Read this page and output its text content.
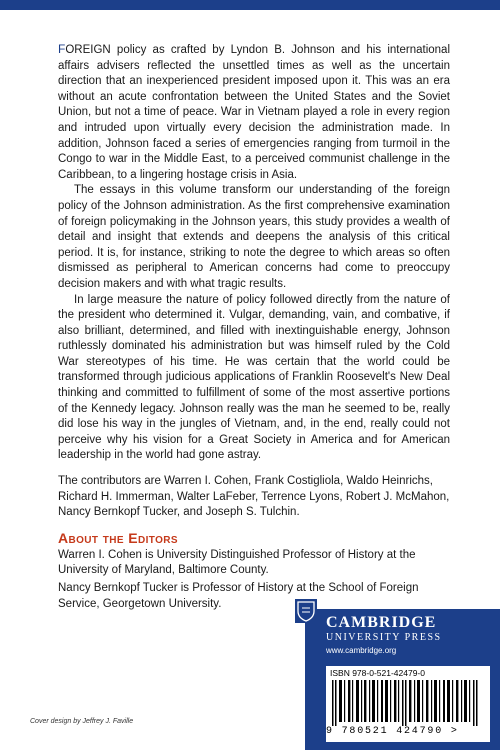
FOREIGN policy as crafted by Lyndon B. Johnson and his international affairs advisers reflected the unsettled times as well as the uncertain direction that an inexperienced president imposed upon it. This was an era without an acute confrontation between the United States and the Soviet Union, but not a time of peace. War in Vietnam played a role in every region and intruded upon virtually every decision the administration made. In addition, Johnson faced a series of emergencies ranging from turmoil in the Congo to war in the Middle East, to a perceived communist challenge in the Caribbean, to a lingering hostage crisis in Asia.

The essays in this volume transform our understanding of the foreign policy of the Johnson administration. As the first comprehensive examination of foreign policymaking in the Johnson years, this study provides a wealth of detail and insight that extends and deepens the analysis of this critical period. It is, for instance, striking to note the degree to which areas so often dismissed as peripheral to American concerns had come to preoccupy decision makers and with what tragic results.

In large measure the nature of policy followed directly from the nature of the president who determined it. Vulgar, demanding, vain, and combative, if also brilliant, determined, and filled with inextinguishable energy, Johnson ruthlessly dominated his administration but was himself ruled by the Cold War stereotypes of his time. He was certain that the world could be transformed through judicious applications of Franklin Roosevelt's New Deal thinking and committed to fulfillment of some of the most assertive portions of the Kennedy legacy. Johnson really was the man he seemed to be, really did lose his way in the jungles of Vietnam, and, in the end, really could not perceive why his vision for a Great Society in America and for American leadership in the world had gone astray.

The contributors are Warren I. Cohen, Frank Costigliola, Waldo Heinrichs, Richard H. Immerman, Walter LaFeber, Terrence Lyons, Robert J. McMahon, Nancy Bernkopf Tucker, and Joseph S. Tulchin.

About the Editors

Warren I. Cohen is University Distinguished Professor of History at the University of Maryland, Baltimore County.

Nancy Bernkopf Tucker is Professor of History at the School of Foreign Service, Georgetown University.

Cover design by Jeffrey J. Faville
CAMBRIDGE
UNIVERSITY PRESS
www.cambridge.org
ISBN 978-0-521-42479-0
9 780521 424790 >
